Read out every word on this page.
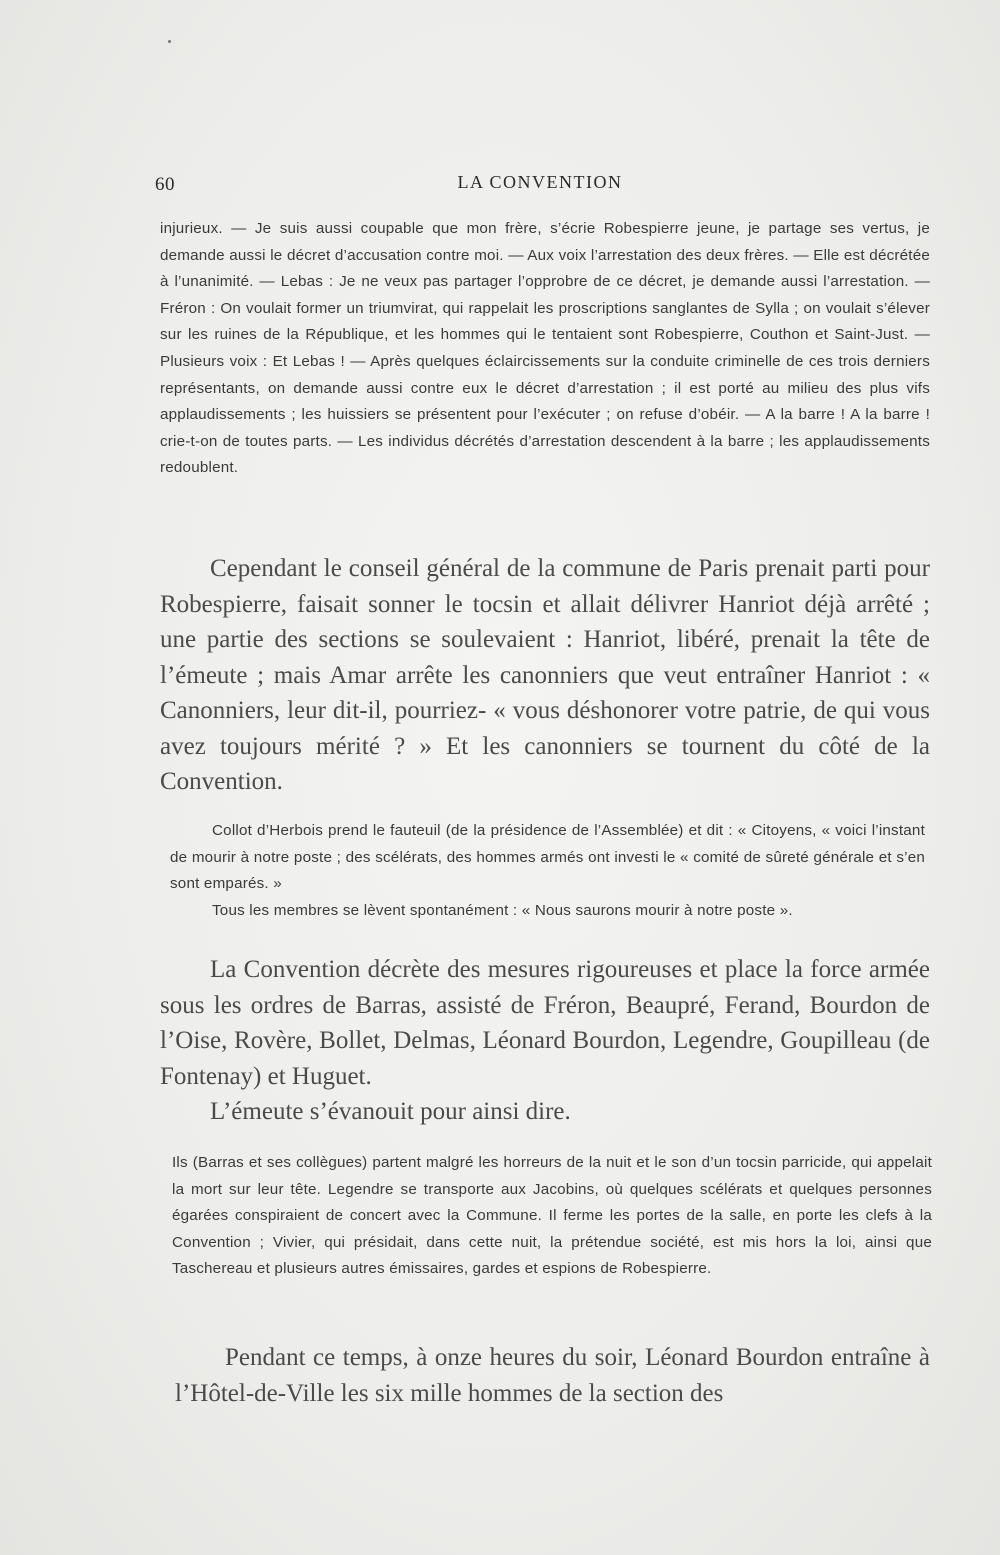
60	LA CONVENTION

injurieux. — Je suis aussi coupable que mon frère, s’écrie Robespierre jeune, je partage ses vertus, je demande aussi le décret d’accusation contre moi. — Aux voix l’arrestation des deux frères. — Elle est décrétée à l’unanimité. — Lebas : Je ne veux pas partager l’opprobre de ce décret, je demande aussi l’arrestation. — Fréron : On voulait former un triumvirat, qui rappelait les proscriptions sanglantes de Sylla ; on voulait s’élever sur les ruines de la République, et les hommes qui le tentaient sont Robespierre, Couthon et Saint-Just. — Plusieurs voix : Et Lebas ! — Après quelques éclaircissements sur la conduite criminelle de ces trois derniers représentants, on demande aussi contre eux le décret d’arrestation ; il est porté au milieu des plus vifs applaudissements ; les huissiers se présentent pour l’exécuter ; on refuse d’obéir. — A la barre ! A la barre ! crie-t-on de toutes parts. — Les individus décrétés d’arrestation descendent à la barre ; les applaudissements redoublent.

Cependant le conseil général de la commune de Paris prenait parti pour Robespierre, faisait sonner le tocsin et allait délivrer Hanriot déjà arrêté ; une partie des sections se soulevaient : Hanriot, libéré, prenait la tête de l’émeute ; mais Amar arrête les canonniers que veut entraîner Hanriot : « Canonniers, leur dit-il, pourriez- « vous déshonorer votre patrie, de qui vous avez toujours mérité ? » Et les canonniers se tournent du côté de la Convention.

Collot d’Herbois prend le fauteuil (de la présidence de l’Assemblée) et dit : « Citoyens, « voici l’instant de mourir à notre poste ; des scélérats, des hommes armés ont investi le « comité de sûreté générale et s’en sont emparés. »

Tous les membres se lèvent spontanément : « Nous saurons mourir à notre poste ».

La Convention décrète des mesures rigoureuses et place la force armée sous les ordres de Barras, assisté de Fréron, Beaupré, Ferand, Bourdon de l’Oise, Rovère, Bollet, Delmas, Léonard Bourdon, Legendre, Goupilleau (de Fontenay) et Huguet.

L’émeute s’évanouit pour ainsi dire.

Ils (Barras et ses collègues) partent malgré les horreurs de la nuit et le son d’un tocsin parricide, qui appelait la mort sur leur tête. Legendre se transporte aux Jacobins, où quelques scélérats et quelques personnes égarées conspiraient de concert avec la Commune. Il ferme les portes de la salle, en porte les clefs à la Convention ; Vivier, qui présidait, dans cette nuit, la prétendue société, est mis hors la loi, ainsi que Taschereau et plusieurs autres émissaires, gardes et espions de Robespierre.

Pendant ce temps, à onze heures du soir, Léonard Bourdon entraîne à l’Hôtel-de-Ville les six mille hommes de la section des
